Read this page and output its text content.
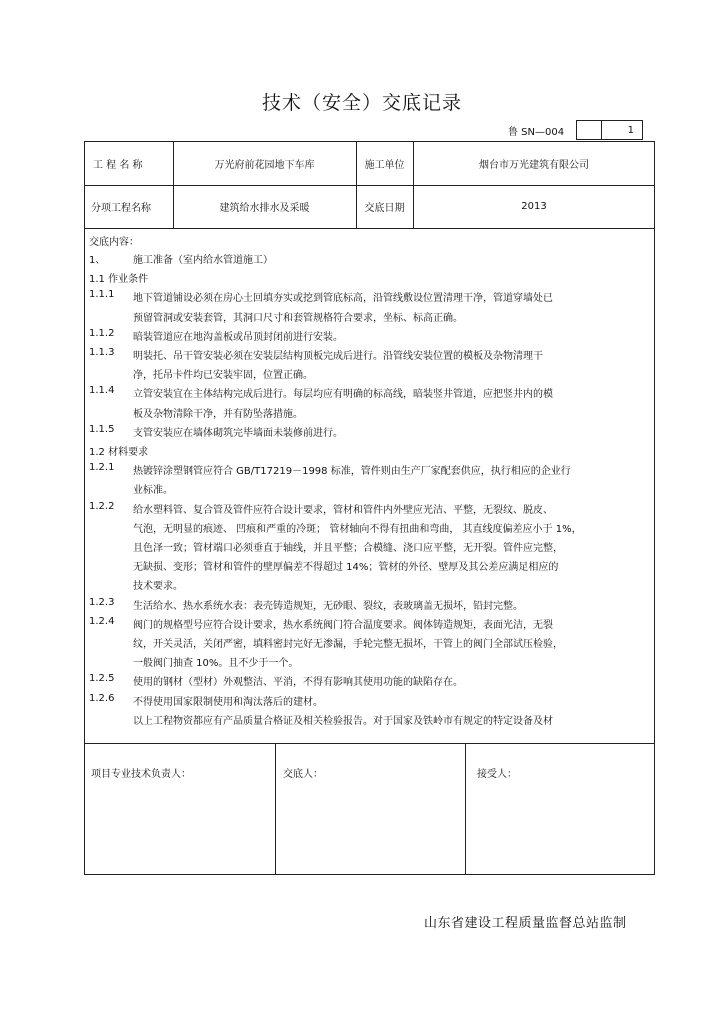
技术（安全）交底记录
鲁 SN—004	1
工 程 名 称	万光府前花园地下车库	施工单位	烟台市万光建筑有限公司
分项工程名称	建筑给水排水及采暖	交底日期	2013
交底内容：
1、	施工准备（室内给水管道施工）
1.1 作业条件
1.1.1 地下管道铺设必须在房心土回填夯实或挖到管底标高，沿管线敷设位置清理干净，管道穿墙处已
预留管洞或安装套管，其洞口尺寸和套管规格符合要求，坐标、标高正确。
1.1.2 暗装管道应在地沟盖板或吊顶封闭前进行安装。
1.1.3 明装托、吊干管安装必须在安装层结构顶板完成后进行。沿管线安装位置的模板及杂物清理干
净，托吊卡件均已安装牢固，位置正确。
1.1.4 立管安装宜在主体结构完成后进行。每层均应有明确的标高线，暗装竖井管道，应把竖井内的模
板及杂物清除干净，并有防坠落措施。
1.1.5 支管安装应在墙体砌筑完毕墙面未装修前进行。
1.2 材料要求
1.2.1 热镀锌涂塑钢管应符合 GB/T17219－1998 标准，管件则由生产厂家配套供应，执行相应的企业行
业标准。
1.2.2 给水塑料管、复合管及管件应符合设计要求，管材和管件内外壁应光洁、平整，无裂纹、脱皮、
气泡，无明显的痕迹、 凹痕和严重的冷斑； 管材轴向不得有扭曲和弯曲， 其直线度偏差应小于 1%，
且色泽一致；管材端口必须垂直于轴线，并且平整；合模缝、浇口应平整，无开裂。管件应完整，
无缺损、变形；管材和管件的壁厚偏差不得超过 14%；管材的外径、壁厚及其公差应满足相应的
技术要求。
1.2.3 生活给水、热水系统水表：表壳铸造规矩，无砂眼、裂纹，表玻璃盖无损坏，铅封完整。
1.2.4 阀门的规格型号应符合设计要求，热水系统阀门符合温度要求。阀体铸造规矩，表面光洁，无裂
纹，开关灵活，关闭严密，填料密封完好无渗漏，手轮完整无损坏，干管上的阀门全部试压检验，
一般阀门抽查 10%。且不少于一个。
1.2.5 使用的钢材（型材）外观整洁、平消，不得有影响其使用功能的缺陷存在。
1.2.6 不得使用国家限制使用和淘汰落后的建材。
以上工程物资都应有产品质量合格证及相关检验报告。对于国家及铁岭市有规定的特定设备及材
项目专业技术负责人：	交底人：	接受人：
山东省建设工程质量监督总站监制
